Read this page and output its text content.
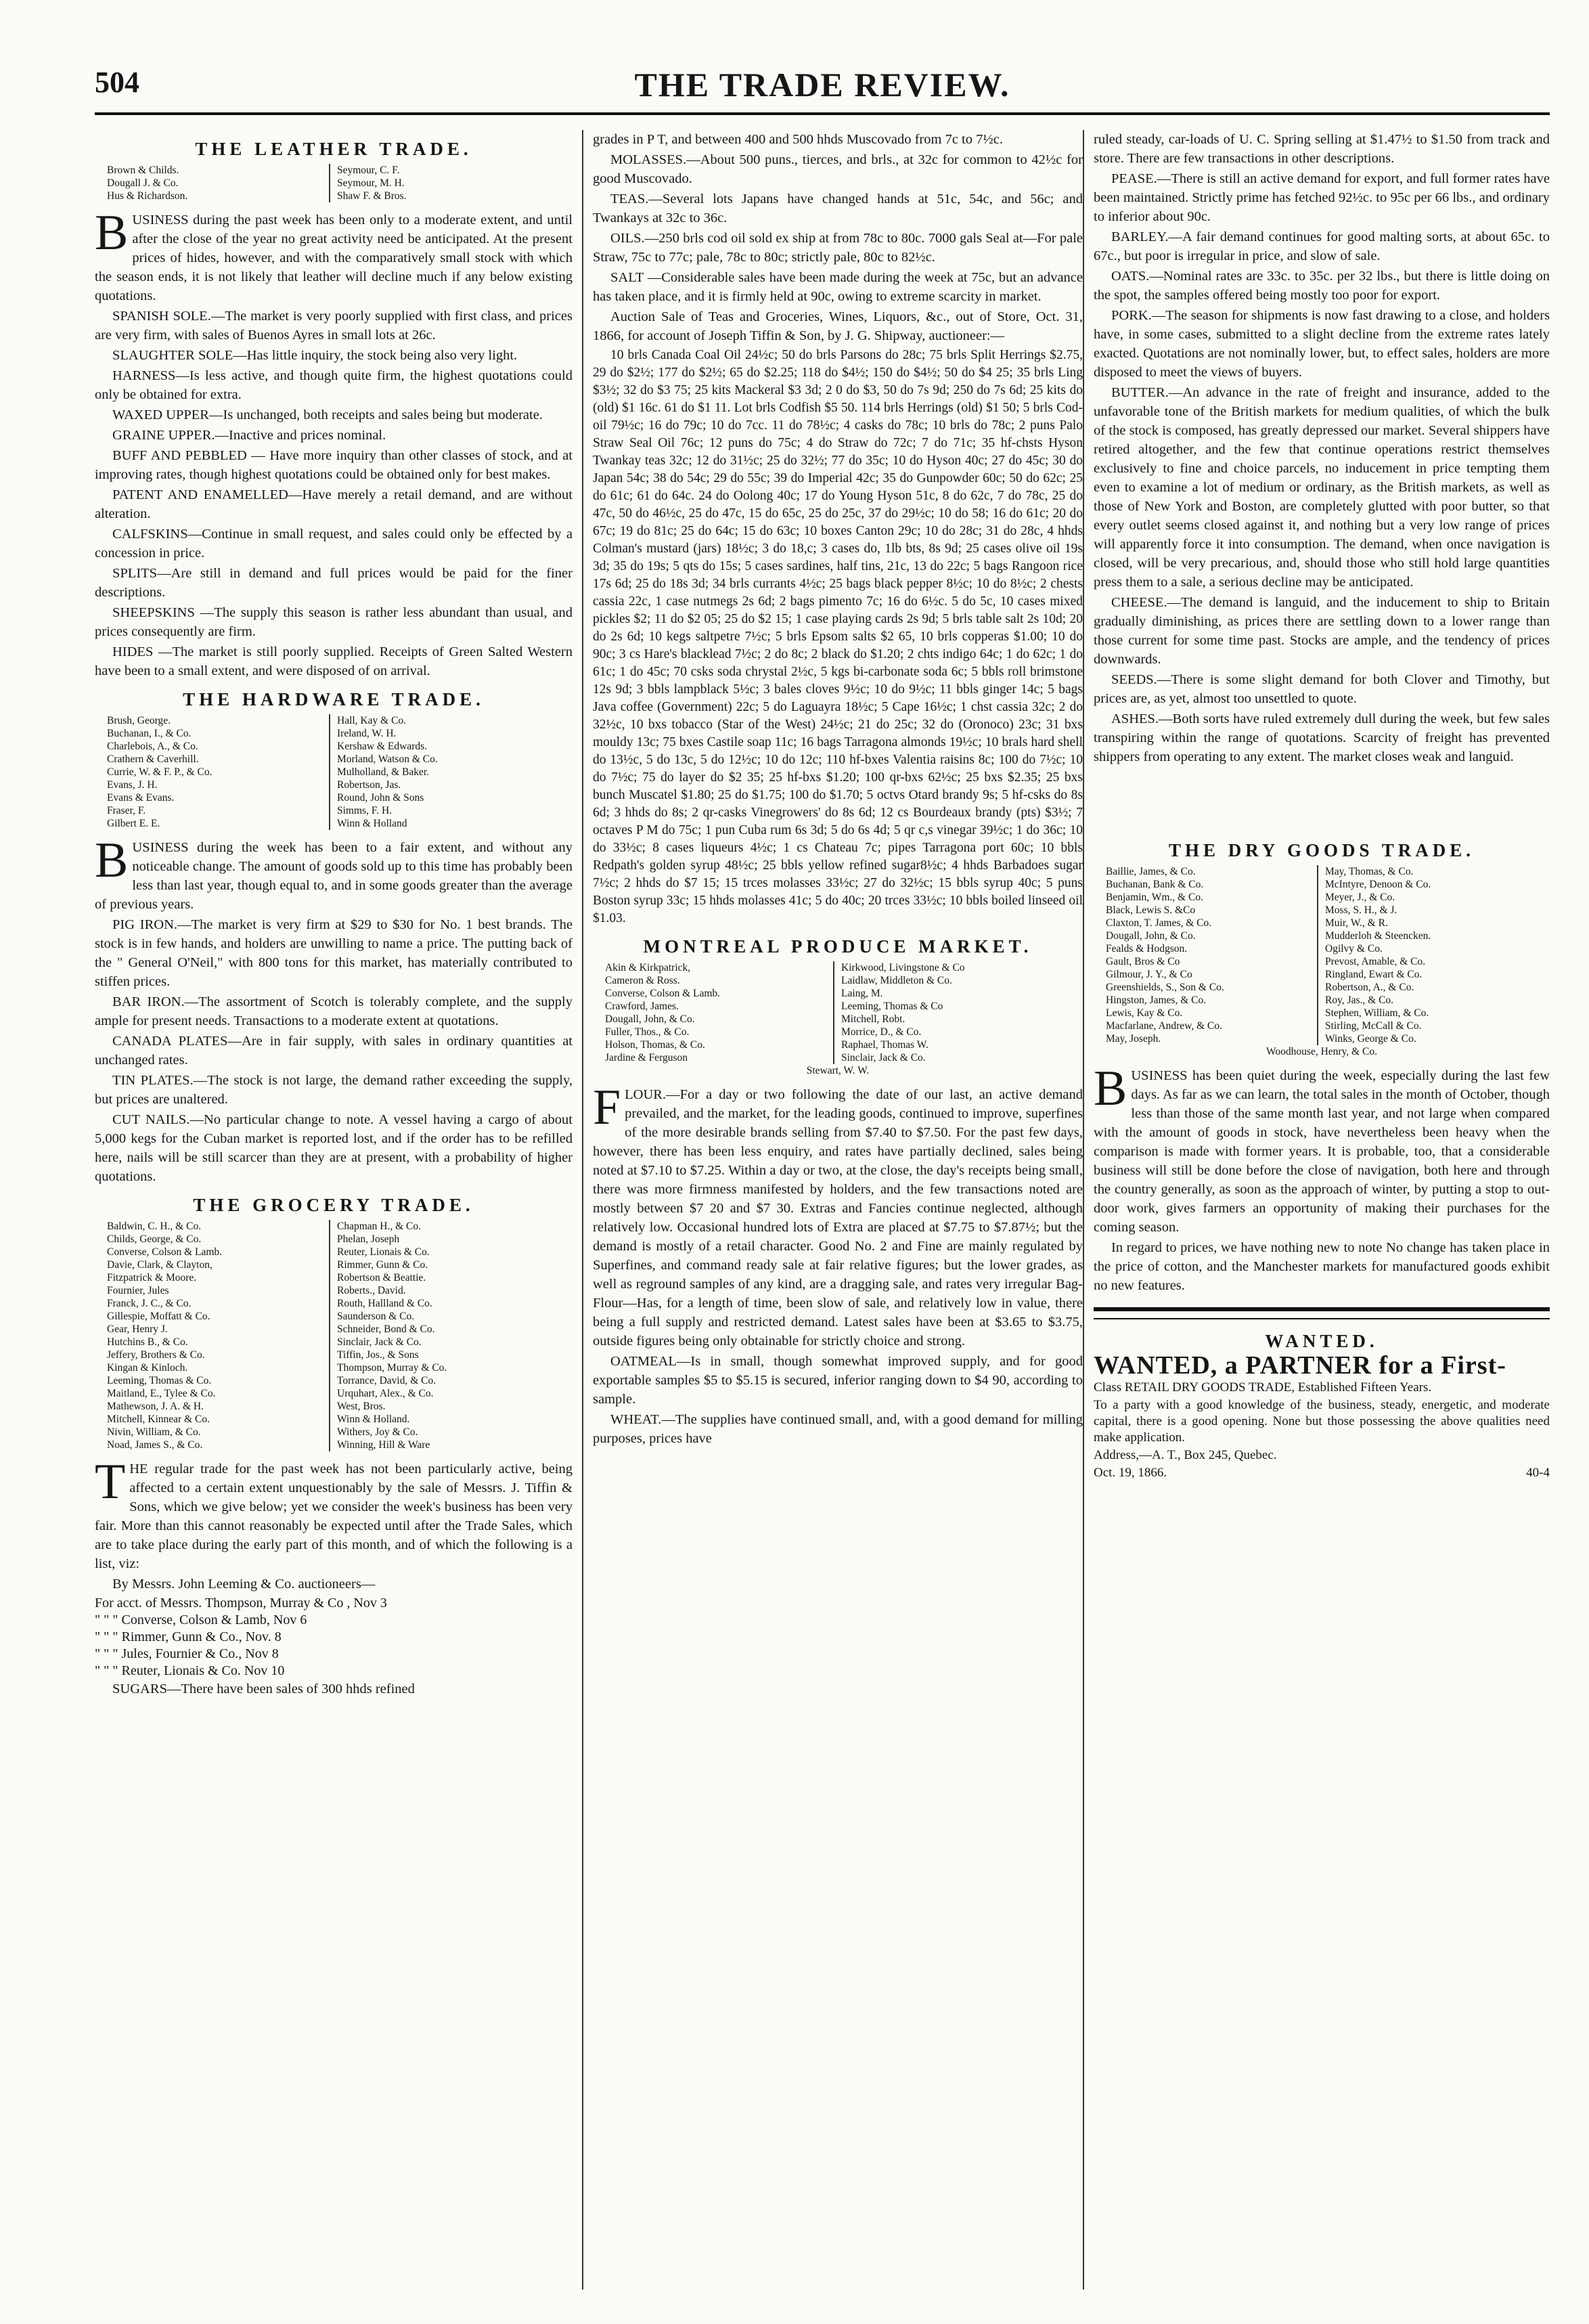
504	THE TRADE REVIEW.
THE LEATHER TRADE.
Brown & Childs.
Dougall J. & Co.
Hus & Richardson.
Seymour, C. F.
Seymour, M. H.
Shaw F. & Bros.

BUSINESS during the past week has been only to a moderate extent, and until after the close of the year no great activity need be anticipated. At the present prices of hides, however, and with the comparatively small stock with which the season ends, it is not likely that leather will decline much if any below existing quotations.

SPANISH SOLE.—The market is very poorly supplied with first class, and prices are very firm, with sales of Buenos Ayres in small lots at 26c.

SLAUGHTER SOLE—Has little inquiry, the stock being also very light.

HARNESS—Is less active, and though quite firm, the highest quotations could only be obtained for extra.

WAXED UPPER—Is unchanged, both receipts and sales being but moderate.

GRAINE UPPER.—Inactive and prices nominal.

BUFF AND PEBBLED — Have more inquiry than other classes of stock, and at improving rates, though highest quotations could be obtained only for best makes.

PATENT AND ENAMELLED—Have merely a retail demand, and are without alteration.

CALFSKINS—Continue in small request, and sales could only be effected by a concession in price.

SPLITS—Are still in demand and full prices would be paid for the finer descriptions.

SHEEPSKINS —The supply this season is rather less abundant than usual, and prices consequently are firm.

HIDES —The market is still poorly supplied. Receipts of Green Salted Western have been to a small extent, and were disposed of on arrival.

THE HARDWARE TRADE.
Brush, George.
Buchanan, I., & Co.
Charlebois, A., & Co.
Crathern & Caverhill.
Currie, W. & F. P., & Co.
Evans, J. H.
Evans & Evans.
Fraser, F.
Gilbert E. E.
Hall, Kay & Co.
Ireland, W. H.
Kershaw & Edwards.
Morland, Watson & Co.
Mulholland, & Baker.
Robertson, Jas.
Round, John & Sons
Simms, F. H.
Winn & Holland

BUSINESS during the week has been to a fair extent, and without any noticeable change. The amount of goods sold up to this time has probably been less than last year, though equal to, and in some goods greater than the average of previous years.

PIG IRON.—The market is very firm at $29 to $30 for No. 1 best brands. The stock is in few hands, and holders are unwilling to name a price. The putting back of the " General O'Neil," with 800 tons for this market, has materially contributed to stiffen prices.

BAR IRON.—The assortment of Scotch is tolerably complete, and the supply ample for present needs. Transactions to a moderate extent at quotations.

CANADA PLATES—Are in fair supply, with sales in ordinary quantities at unchanged rates.

TIN PLATES.—The stock is not large, the demand rather exceeding the supply, but prices are unaltered.

CUT NAILS.—No particular change to note. A vessel having a cargo of about 5,000 kegs for the Cuban market is reported lost, and if the order has to be refilled here, nails will be still scarcer than they are at present, with a probability of higher quotations.

THE GROCERY TRADE.
Baldwin, C. H., & Co.
Childs, George, & Co.
Converse, Colson & Lamb.
Davie, Clark, & Clayton,
Fitzpatrick & Moore.
Fournier, Jules
Franck, J. C., & Co.
Gillespie, Moffatt & Co.
Gear, Henry J.
Hutchins B., & Co.
Jeffery, Brothers & Co.
Kingan & Kinloch.
Leeming, Thomas & Co.
Maitland, E., Tylee & Co.
Mathewson, J. A. & H.
Mitchell, Kinnear & Co.
Nivin, William, & Co.
Noad, James S., & Co.
Chapman H., & Co.
Phelan, Joseph
Reuter, Lionais & Co.
Rimmer, Gunn & Co.
Robertson & Beattie.
Roberts., David.
Routh, Hallland & Co.
Saunderson & Co.
Schneider, Bond & Co.
Sinclair, Jack & Co.
Tiffin, Jos., & Sons
Thompson, Murray & Co.
Torrance, David, & Co.
Urquhart, Alex., & Co.
West, Bros.
Winn & Holland.
Withers, Joy & Co.
Winning, Hill & Ware

THE regular trade for the past week has not been particularly active, being affected to a certain extent unquestionably by the sale of Messrs. J. Tiffin & Sons, which we give below; yet we consider the week's business has been very fair. More than this cannot reasonably be expected until after the Trade Sales, which are to take place during the early part of this month, and of which the following is a list, viz:

By Messrs. John Leeming & Co. auctioneers—

For acct. of Messrs. Thompson, Murray & Co , Nov 3
" " " Converse, Colson & Lamb, Nov 6
" " " Rimmer, Gunn & Co., Nov. 8
" " " Jules, Fournier & Co., Nov 8
" " " Reuter, Lionais & Co. Nov 10

SUGARS—There have been sales of 300 hhds refined

grades in P T, and between 400 and 500 hhds Muscovado from 7c to 7½c.

MOLASSES.—About 500 puns., tierces, and brls., at 32c for common to 42½c for good Muscovado.

TEAS.—Several lots Japans have changed hands at 51c, 54c, and 56c; and Twankays at 32c to 36c.

OILS.—250 brls cod oil sold ex ship at from 78c to 80c. 7000 gals Seal at—For pale Straw, 75c to 77c; pale, 78c to 80c; strictly pale, 80c to 82½c.

SALT —Considerable sales have been made during the week at 75c, but an advance has taken place, and it is firmly held at 90c, owing to extreme scarcity in market.

Auction Sale of Teas and Groceries, Wines, Liquors, &c., out of Store, Oct. 31, 1866, for account of Joseph Tiffin & Son, by J. G. Shipway, auctioneer:—

10 brls Canada Coal Oil 24½c; 50 do brls Parsons do 28c; 75 brls Split Herrings $2.75, 29 do $2½; 177 do $2½; 65 do $2.25; 118 do $4½; 150 do $4½; 50 do $4 25; 35 brls Ling $3½; 32 do $3 75; 25 kits Mackeral $3 3d; 2 0 do $3, 50 do 7s 9d; 250 do 7s 6d; 25 kits do (old) $1 16c. 61 do $1 11. Lot brls Codfish $5 50. 114 brls Herrings (old) $1 50; 5 brls Cod-oil 79½c; 16 do 79c; 10 do 7cc. 11 do 78½c; 4 casks do 78c; 10 brls do 78c; 2 puns Palo Straw Seal Oil 76c; 12 puns do 75c; 4 do Straw do 72c; 7 do 71c; 35 hf-chsts Hyson Twankay teas 32c; 12 do 31½c; 25 do 32½; 77 do 35c; 10 do Hyson 40c; 27 do 45c; 30 do Japan 54c; 38 do 54c; 29 do 55c; 39 do Imperial 42c; 35 do Gunpowder 60c; 50 do 62c; 25 do 61c; 61 do 64c. 24 do Oolong 40c; 17 do Young Hyson 51c, 8 do 62c, 7 do 78c, 25 do 47c, 50 do 46½c, 25 do 47c, 15 do 65c, 25 do 25c, 37 do 29½c; 10 do 58; 16 do 61c; 20 do 67c; 19 do 81c; 25 do 64c; 15 do 63c; 10 boxes Canton 29c; 10 do 28c; 31 do 28c, 4 hhds Colman's mustard (jars) 18½c; 3 do 18,c; 3 cases do, 1lb bts, 8s 9d; 25 cases olive oil 19s 3d; 35 do 19s; 5 qts do 15s; 5 cases sardines, half tins, 21c, 13 do 22c; 5 bags Rangoon rice 17s 6d; 25 do 18s 3d; 34 brls currants 4½c; 25 bags black pepper 8½c; 10 do 8½c; 2 chests cassia 22c, 1 case nutmegs 2s 6d; 2 bags pimento 7c; 16 do 6½c. 5 do 5c, 10 cases mixed pickles $2; 11 do $2 05; 25 do $2 15; 1 case playing cards 2s 9d; 5 brls table salt 2s 10d; 20 do 2s 6d; 10 kegs saltpetre 7½c; 5 brls Epsom salts $2 65, 10 brls copperas $1.00; 10 do 90c; 3 cs Hare's blacklead 7½c; 2 do 8c; 2 black do $1.20; 2 chts indigo 64c; 1 do 62c; 1 do 61c; 1 do 45c; 70 csks soda chrystal 2½c, 5 kgs bi-carbonate soda 6c; 5 bbls roll brimstone 12s 9d; 3 bbls lampblack 5½c; 3 bales cloves 9½c; 10 do 9½c; 11 bbls ginger 14c; 5 bags Java coffee (Government) 22c; 5 do Laguayra 18½c; 5 Cape 16½c; 1 chst cassia 32c; 2 do 32½c, 10 bxs tobacco (Star of the West) 24½c; 21 do 25c; 32 do (Oronoco) 23c; 31 bxs mouldy 13c; 75 bxes Castile soap 11c; 16 bags Tarragona almonds 19½c; 10 brals hard shell do 13½c, 5 do 13c, 5 do 12½c; 10 do 12c; 110 hf-bxes Valentia raisins 8c; 100 do 7½c; 10 do 7½c; 75 do layer do $2 35; 25 hf-bxs $1.20; 100 qr-bxs 62½c; 25 bxs $2.35; 25 bxs bunch Muscatel $1.80; 25 do $1.75; 100 do $1.70; 5 octvs Otard brandy 9s; 5 hf-csks do 8s 6d; 3 hhds do 8s; 2 qr-casks Vinegrowers' do 8s 6d; 12 cs Bourdeaux brandy (pts) $3½; 7 octaves P M do 75c; 1 pun Cuba rum 6s 3d; 5 do 6s 4d; 5 qr c,s vinegar 39½c; 1 do 36c; 10 do 33½c; 8 cases liqueurs 4½c; 1 cs Chateau 7c; pipes Tarragona port 60c; 10 bbls Redpath's golden syrup 48½c; 25 bbls yellow refined sugar8½c; 4 hhds Barbadoes sugar 7½c; 2 hhds do $7 15; 15 trces molasses 33½c; 27 do 32½c; 15 bbls syrup 40c; 5 puns Boston syrup 33c; 15 hhds molasses 41c; 5 do 40c; 20 trces 33½c; 10 bbls boiled linseed oil $1.03.

MONTREAL PRODUCE MARKET.
Akin & Kirkpatrick,
Cameron & Ross.
Converse, Colson & Lamb.
Crawford, James.
Dougall, John, & Co.
Fuller, Thos., & Co.
Holson, Thomas, & Co.
Jardine & Ferguson
Kirkwood, Livingstone & Co
Laidlaw, Middleton & Co.
Laing, M.
Leeming, Thomas & Co
Mitchell, Robt.
Morrice, D., & Co.
Raphael, Thomas W.
Sinclair, Jack & Co.
Stewart, W. W.

FLOUR.—For a day or two following the date of our last, an active demand prevailed, and the market, for the leading goods, continued to improve, superfines of the more desirable brands selling from $7.40 to $7.50. For the past few days, however, there has been less enquiry, and rates have partially declined, sales being noted at $7.10 to $7.25. Within a day or two, at the close, the day's receipts being small, there was more firmness manifested by holders, and the few transactions noted are mostly between $7 20 and $7 30. Extras and Fancies continue neglected, although relatively low. Occasional hundred lots of Extra are placed at $7.75 to $7.87½; but the demand is mostly of a retail character. Good No. 2 and Fine are mainly regulated by Superfines, and command ready sale at fair relative figures; but the lower grades, as well as reground samples of any kind, are a dragging sale, and rates very irregular Bag-Flour—Has, for a length of time, been slow of sale, and relatively low in value, there being a full supply and restricted demand. Latest sales have been at $3.65 to $3.75, outside figures being only obtainable for strictly choice and strong.

OATMEAL—Is in small, though somewhat improved supply, and for good exportable samples $5 to $5.15 is secured, inferior ranging down to $4 90, according to sample.

WHEAT.—The supplies have continued small, and, with a good demand for milling purposes, prices have

ruled steady, car-loads of U. C. Spring selling at $1.47½ to $1.50 from track and store. There are few transactions in other descriptions.

PEASE.—There is still an active demand for export, and full former rates have been maintained. Strictly prime has fetched 92½c. to 95c per 66 lbs., and ordinary to inferior about 90c.

BARLEY.—A fair demand continues for good malting sorts, at about 65c. to 67c., but poor is irregular in price, and slow of sale.

OATS.—Nominal rates are 33c. to 35c. per 32 lbs., but there is little doing on the spot, the samples offered being mostly too poor for export.

PORK.—The season for shipments is now fast drawing to a close, and holders have, in some cases, submitted to a slight decline from the extreme rates lately exacted. Quotations are not nominally lower, but, to effect sales, holders are more disposed to meet the views of buyers.

BUTTER.—An advance in the rate of freight and insurance, added to the unfavorable tone of the British markets for medium qualities, of which the bulk of the stock is composed, has greatly depressed our market. Several shippers have retired altogether, and the few that continue operations restrict themselves exclusively to fine and choice parcels, no inducement in price tempting them even to examine a lot of medium or ordinary, as the British markets, as well as those of New York and Boston, are completely glutted with poor butter, so that every outlet seems closed against it, and nothing but a very low range of prices will apparently force it into consumption. The demand, when once navigation is closed, will be very precarious, and, should those who still hold large quantities press them to a sale, a serious decline may be anticipated.

CHEESE.—The demand is languid, and the inducement to ship to Britain gradually diminishing, as prices there are settling down to a lower range than those current for some time past. Stocks are ample, and the tendency of prices downwards.

SEEDS.—There is some slight demand for both Clover and Timothy, but prices are, as yet, almost too unsettled to quote.

ASHES.—Both sorts have ruled extremely dull during the week, but few sales transpiring within the range of quotations. Scarcity of freight has prevented shippers from operating to any extent. The market closes weak and languid.

THE DRY GOODS TRADE.
Baillie, James, & Co.
Buchanan, Bank & Co.
Benjamin, Wm., & Co.
Black, Lewis S. &Co
Claxton, T. James, & Co.
Dougall, John, & Co.
Fealds & Hodgson.
Gault, Bros & Co
Gilmour, J. Y., & Co
Greenshields, S., Son & Co.
Hingston, James, & Co.
Lewis, Kay & Co.
Macfarlane, Andrew, & Co.
May, Joseph.
May, Thomas, & Co.
McIntyre, Denoon & Co.
Meyer, J., & Co.
Moss, S. H., & J.
Muir, W., & R.
Mudderloh & Steencken.
Ogilvy & Co.
Prevost, Amable, & Co.
Ringland, Ewart & Co.
Robertson, A., & Co.
Roy, Jas., & Co.
Stephen, William, & Co.
Stirling, McCall & Co.
Winks, George & Co.
Woodhouse, Henry, & Co.

BUSINESS has been quiet during the week, especially during the last few days. As far as we can learn, the total sales in the month of October, though less than those of the same month last year, and not large when compared with the amount of goods in stock, have nevertheless been heavy when the comparison is made with former years. It is probable, too, that a considerable business will still be done before the close of navigation, both here and through the country generally, as soon as the approach of winter, by putting a stop to out-door work, gives farmers an opportunity of making their purchases for the coming season.

In regard to prices, we have nothing new to note No change has taken place in the price of cotton, and the Manchester markets for manufactured goods exhibit no new features.

WANTED.

WANTED, a PARTNER for a First-

Class RETAIL DRY GOODS TRADE, Established Fifteen Years.

To a party with a good knowledge of the business, steady, energetic, and moderate capital, there is a good opening. None but those possessing the above qualities need make application.

Address,—A. T., Box 245, Quebec.

Oct. 19, 1866.	40-4
